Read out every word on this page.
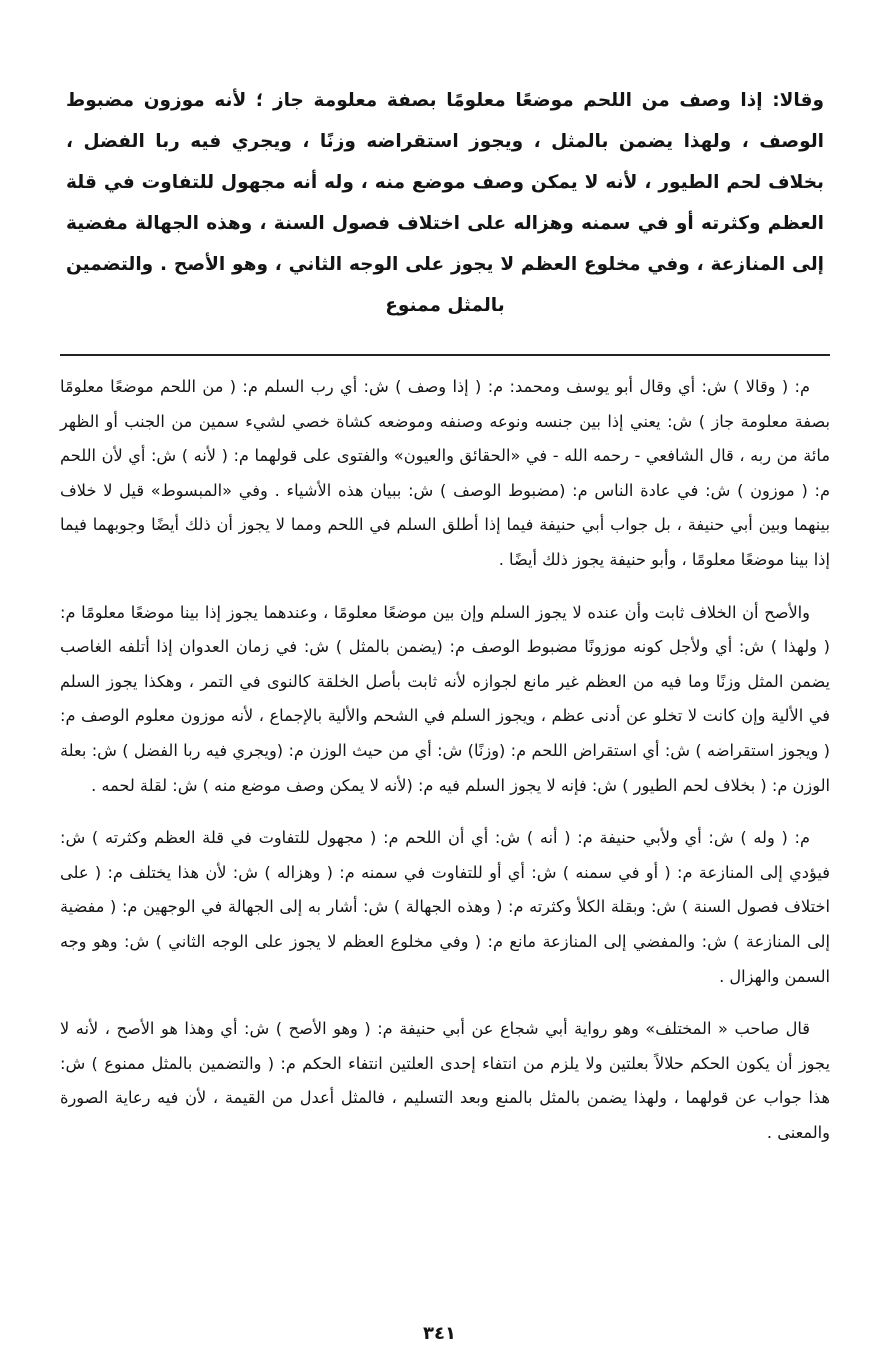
وقالا: إذا وصف من اللحم موضعًا معلومًا بصفة معلومة جاز ؛ لأنه موزون مضبوط الوصف ، ولهذا يضمن بالمثل ، ويجوز استقراضه وزنًا ، ويجري فيه ربا الفضل ، بخلاف لحم الطيور ، لأنه لا يمكن وصف موضع منه ، وله أنه مجهول للتفاوت في قلة العظم وكثرته أو في سمنه وهزاله على اختلاف فصول السنة ، وهذه الجهالة مفضية إلى المنازعة ، وفي مخلوع العظم لا يجوز على الوجه الثاني ، وهو الأصح . والتضمين بالمثل ممنوع

م: ( وقالا ) ش: أي وقال أبو يوسف ومحمد: م: ( إذا وصف ) ش: أي رب السلم م: ( من اللحم موضعًا معلومًا بصفة معلومة جاز ) ش: يعني إذا بين جنسه ونوعه وصنفه وموضعه كشاة خصي لشيء سمين من الجنب أو الظهر مائة من ربه ، قال الشافعي - رحمه الله - في «الحقائق والعيون» والفتوى على قولهما م: ( لأنه ) ش: أي لأن اللحم م: ( موزون ) ش: في عادة الناس م: (مضبوط الوصف ) ش: ببيان هذه الأشياء . وفي «المبسوط» قيل لا خلاف بينهما وبين أبي حنيفة ، بل جواب أبي حنيفة فيما إذا أطلق السلم في اللحم ومما لا يجوز أن ذلك أيضًا وجوبهما فيما إذا بينا موضعًا معلومًا ، وأبو حنيفة يجوز ذلك أيضًا .

والأصح أن الخلاف ثابت وأن عنده لا يجوز السلم وإن بين موضعًا معلومًا ، وعندهما يجوز إذا بينا موضعًا معلومًا م: ( ولهذا ) ش: أي ولأجل كونه موزونًا مضبوط الوصف م: (يضمن بالمثل ) ش: في زمان العدوان إذا أتلفه الغاصب يضمن المثل وزنًا وما فيه من العظم غير مانع لجوازه لأنه ثابت بأصل الخلقة كالنوى في التمر ، وهكذا يجوز السلم في الألية وإن كانت لا تخلو عن أدنى عظم ، ويجوز السلم في الشحم والألية بالإجماع ، لأنه موزون معلوم الوصف م: ( ويجوز استقراضه ) ش: أي استقراض اللحم م: (وزنًا) ش: أي من حيث الوزن م: (ويجري فيه ربا الفضل ) ش: بعلة الوزن م: ( بخلاف لحم الطيور ) ش: فإنه لا يجوز السلم فيه م: (لأنه لا يمكن وصف موضع منه ) ش: لقلة لحمه .

م: ( وله ) ش: أي ولأبي حنيفة م: ( أنه ) ش: أي أن اللحم م: ( مجهول للتفاوت في قلة العظم وكثرته ) ش: فيؤدي إلى المنازعة م: ( أو في سمنه ) ش: أي أو للتفاوت في سمنه م: ( وهزاله ) ش: لأن هذا يختلف م: ( على اختلاف فصول السنة ) ش: وبقلة الكلأ وكثرته م: ( وهذه الجهالة ) ش: أشار به إلى الجهالة في الوجهين م: ( مفضية إلى المنازعة ) ش: والمفضي إلى المنازعة مانع م: ( وفي مخلوع العظم لا يجوز على الوجه الثاني ) ش: وهو وجه السمن والهزال .

قال صاحب « المختلف» وهو رواية أبي شجاع عن أبي حنيفة م: ( وهو الأصح ) ش: أي وهذا هو الأصح ، لأنه لا يجوز أن يكون الحكم حلالاً بعلتين ولا يلزم من انتفاء إحدى العلتين انتفاء الحكم م: ( والتضمين بالمثل ممنوع ) ش: هذا جواب عن قولهما ، ولهذا يضمن بالمثل بالمنع وبعد التسليم ، فالمثل أعدل من القيمة ، لأن فيه رعاية الصورة والمعنى .

٣٤١
